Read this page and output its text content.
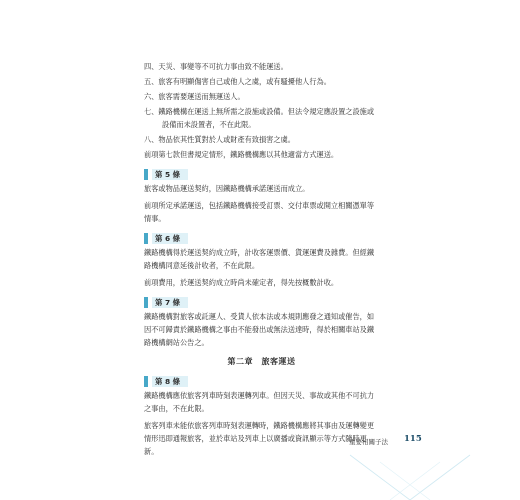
四、天災、事變等不可抗力事由致不能運送。
五、旅客有明顯傷害自己或他人之虞，或有騷擾他人行為。
六、旅客需要運送而無運送人。
七、鐵路機構在運送上無所需之設施或設備。但法令規定應設置之設施或設備而未設置者，不在此限。
八、物品依其性質對於人或財產有致損害之虞。
前項第七款但書規定情形，鐵路機構應以其他適當方式運送。
第 5 條
旅客或物品運送契約，因鐵路機構承諾運送而成立。
前項所定承諾運送，包括鐵路機構接受訂票、交付車票或開立相關憑單等情事。
第 6 條
鐵路機構得於運送契約成立時，計收客運票價、貨運運費及雜費。但經鐵路機構同意延後計收者，不在此限。
前項費用，於運送契約成立時尚未確定者，得先按概數計收。
第 7 條
鐵路機構對旅客或託運人、受貨人依本法或本規則應發之通知或催告，如因不可歸責於鐵路機構之事由不能發出或無法送達時，得於相關車站及鐵路機構網站公告之。
第二章　旅客運送
第 8 條
鐵路機構應依旅客列車時刻表運轉列車。但因天災、事故或其他不可抗力之事由，不在此限。
旅客列車未能依旅客列車時刻表運轉時，鐵路機構應將其事由及運轉變更情形迅即通報旅客，並於車站及列車上以廣播或資訊顯示等方式隨時更新。
重要相關子法 115
